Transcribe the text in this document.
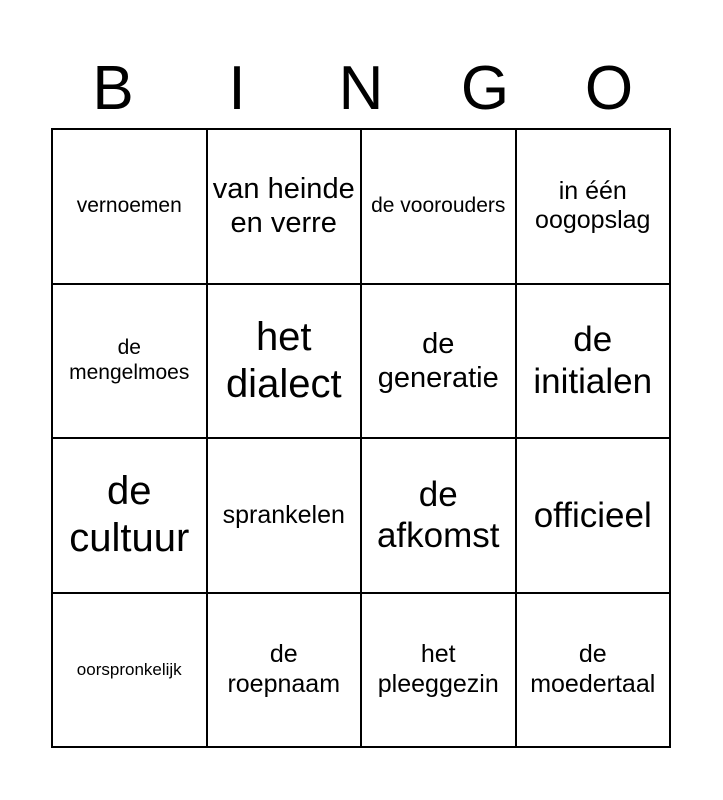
B	I	N	G	O
vernoemen
van heinde en verre
de voorouders
in één oogopslag
de mengelmoes
het dialect
de generatie
de initialen
de cultuur
sprankelen
de afkomst
officieel
oorspronkelijk
de roepnaam
het pleeggezin
de moedertaal
